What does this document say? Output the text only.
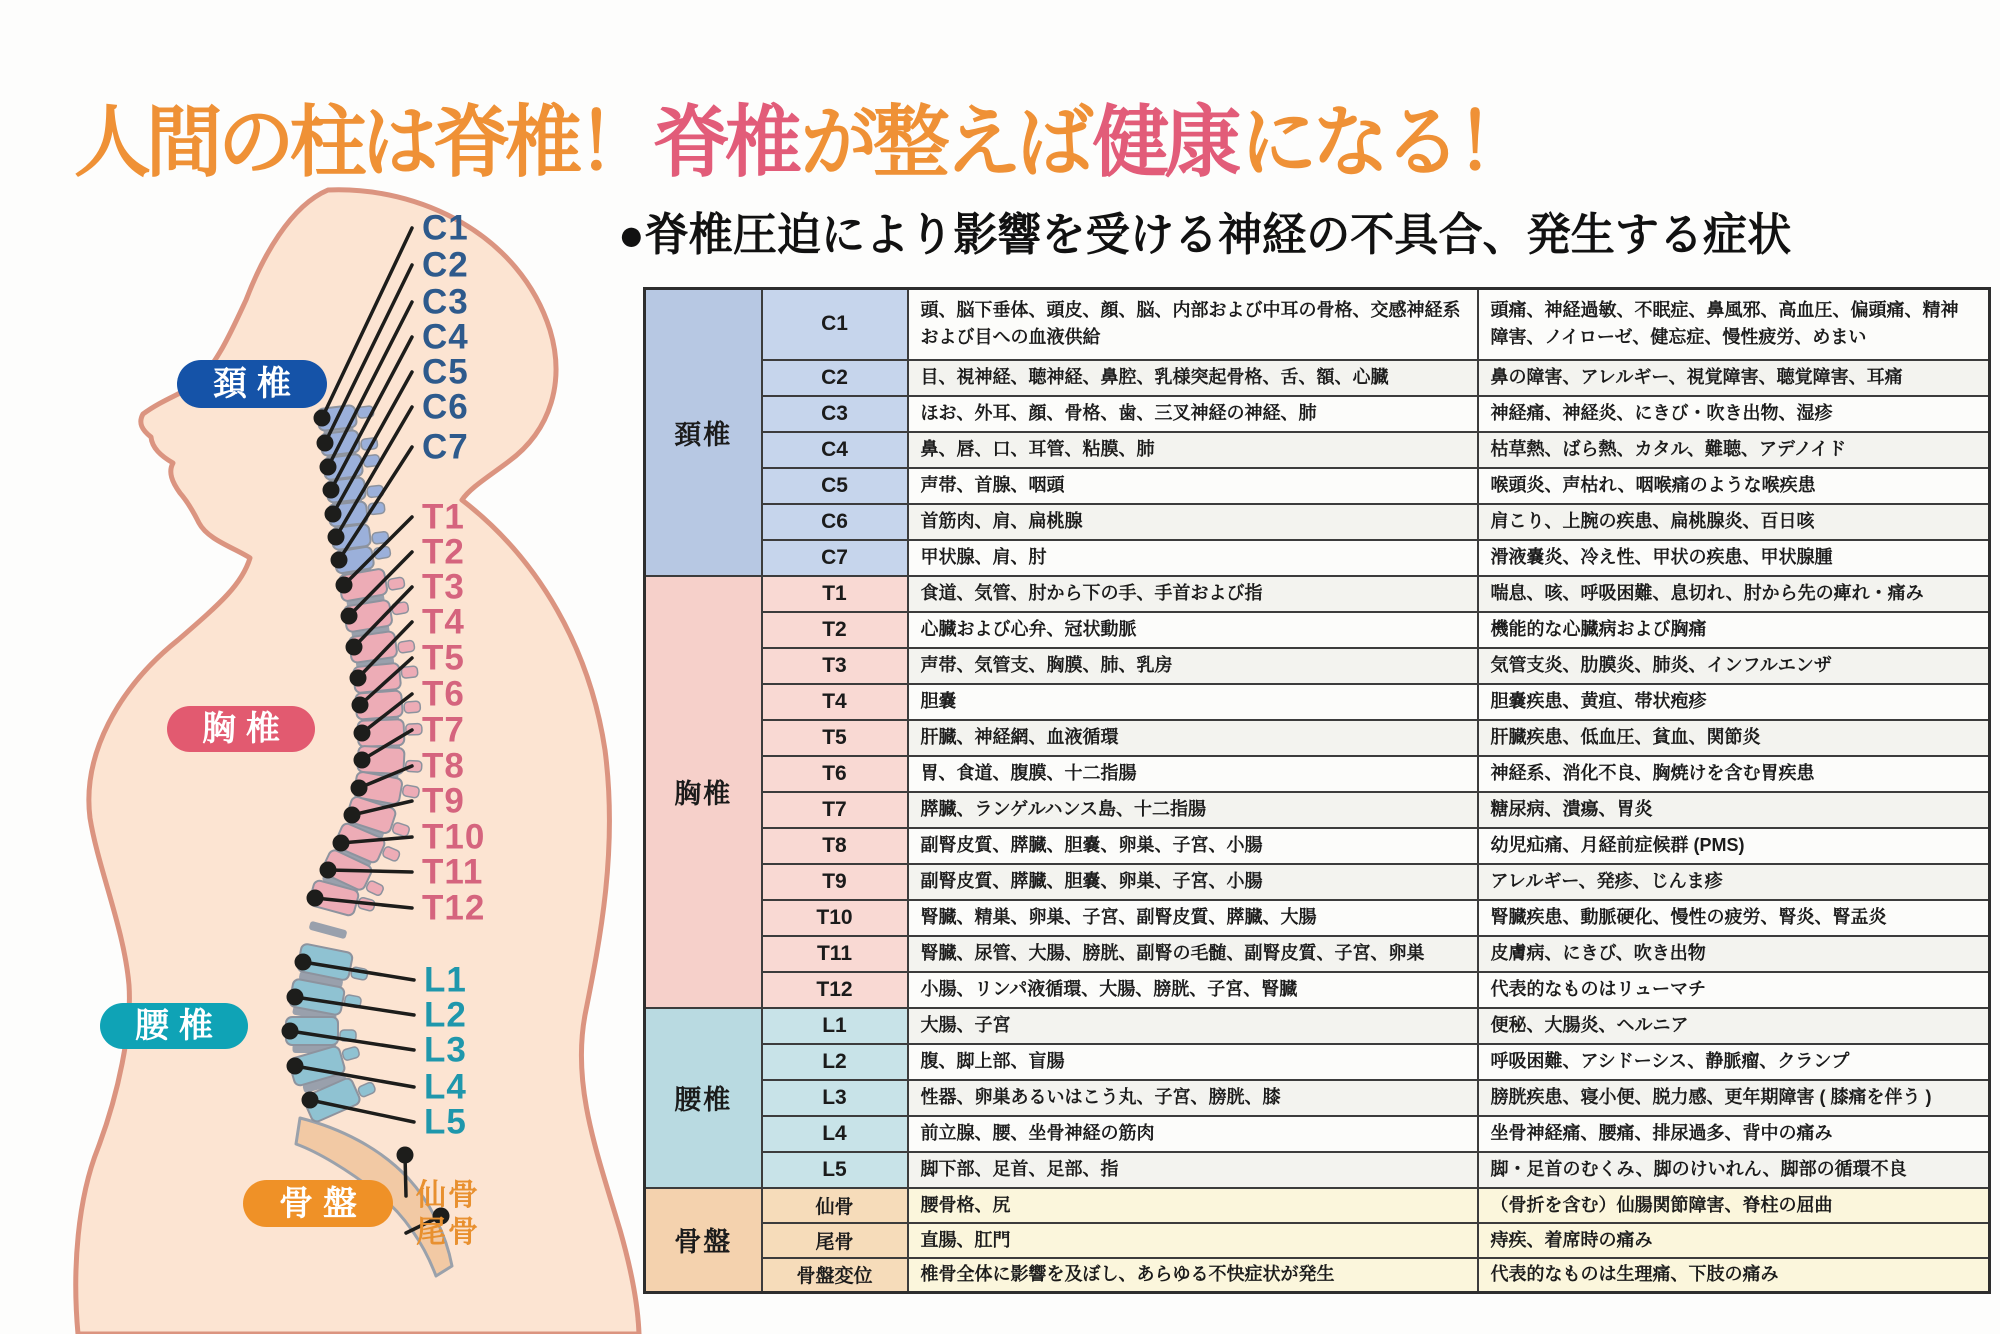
人間の柱は脊椎！脊椎が整えば健康になる！
C1
C2
C3
C4
C5
C6
C7
T1
T2
T3
T4
T5
T6
T7
T8
T9
T10
T11
T12
L1
L2
L3
L4
L5
仙骨
尾骨
頚椎
胸椎
腰椎
骨盤
●脊椎圧迫により影響を受ける神経の不具合、発生する症状
頚椎	C1	頭、脳下垂体、頭皮、顔、脳、内部および中耳の骨格、交感神経系および目への血液供給	頭痛、神経過敏、不眠症、鼻風邪、高血圧、偏頭痛、精神障害、ノイローゼ、健忘症、慢性疲労、めまい
	C2	目、視神経、聴神経、鼻腔、乳様突起骨格、舌、額、心臓	鼻の障害、アレルギー、視覚障害、聴覚障害、耳痛
	C3	ほお、外耳、顔、骨格、歯、三叉神経の神経、肺	神経痛、神経炎、にきび・吹き出物、湿疹
	C4	鼻、唇、口、耳管、粘膜、肺	枯草熱、ばら熱、カタル、難聴、アデノイド
	C5	声帯、首腺、咽頭	喉頭炎、声枯れ、咽喉痛のような喉疾患
	C6	首筋肉、肩、扁桃腺	肩こり、上腕の疾患、扁桃腺炎、百日咳
	C7	甲状腺、肩、肘	滑液嚢炎、冷え性、甲状の疾患、甲状腺腫
胸椎	T1	食道、気管、肘から下の手、手首および指	喘息、咳、呼吸困難、息切れ、肘から先の痺れ・痛み
	T2	心臓および心弁、冠状動脈	機能的な心臓病および胸痛
	T3	声帯、気管支、胸膜、肺、乳房	気管支炎、肋膜炎、肺炎、インフルエンザ
	T4	胆嚢	胆嚢疾患、黄疸、帯状疱疹
	T5	肝臓、神経網、血液循環	肝臓疾患、低血圧、貧血、関節炎
	T6	胃、食道、腹膜、十二指腸	神経系、消化不良、胸焼けを含む胃疾患
	T7	膵臓、ランゲルハンス島、十二指腸	糖尿病、潰瘍、胃炎
	T8	副腎皮質、膵臓、胆嚢、卵巣、子宮、小腸	幼児疝痛、月経前症候群 (PMS)
	T9	副腎皮質、膵臓、胆嚢、卵巣、子宮、小腸	アレルギー、発疹、じんま疹
	T10	腎臓、精巣、卵巣、子宮、副腎皮質、膵臓、大腸	腎臓疾患、動脈硬化、慢性の疲労、腎炎、腎盂炎
	T11	腎臓、尿管、大腸、膀胱、副腎の毛髄、副腎皮質、子宮、卵巣	皮膚病、にきび、吹き出物
	T12	小腸、リンパ液循環、大腸、膀胱、子宮、腎臓	代表的なものはリューマチ
腰椎	L1	大腸、子宮	便秘、大腸炎、ヘルニア
	L2	腹、脚上部、盲腸	呼吸困難、アシドーシス、静脈瘤、クランプ
	L3	性器、卵巣あるいはこう丸、子宮、膀胱、膝	膀胱疾患、寝小便、脱力感、更年期障害 ( 膝痛を伴う )
	L4	前立腺、腰、坐骨神経の筋肉	坐骨神経痛、腰痛、排尿過多、背中の痛み
	L5	脚下部、足首、足部、指	脚・足首のむくみ、脚のけいれん、脚部の循環不良
骨盤	仙骨	腰骨格、尻	（骨折を含む）仙腸関節障害、脊柱の屈曲
	尾骨	直腸、肛門	痔疾、着席時の痛み
	骨盤変位	椎骨全体に影響を及ぼし、あらゆる不快症状が発生	代表的なものは生理痛、下肢の痛み
